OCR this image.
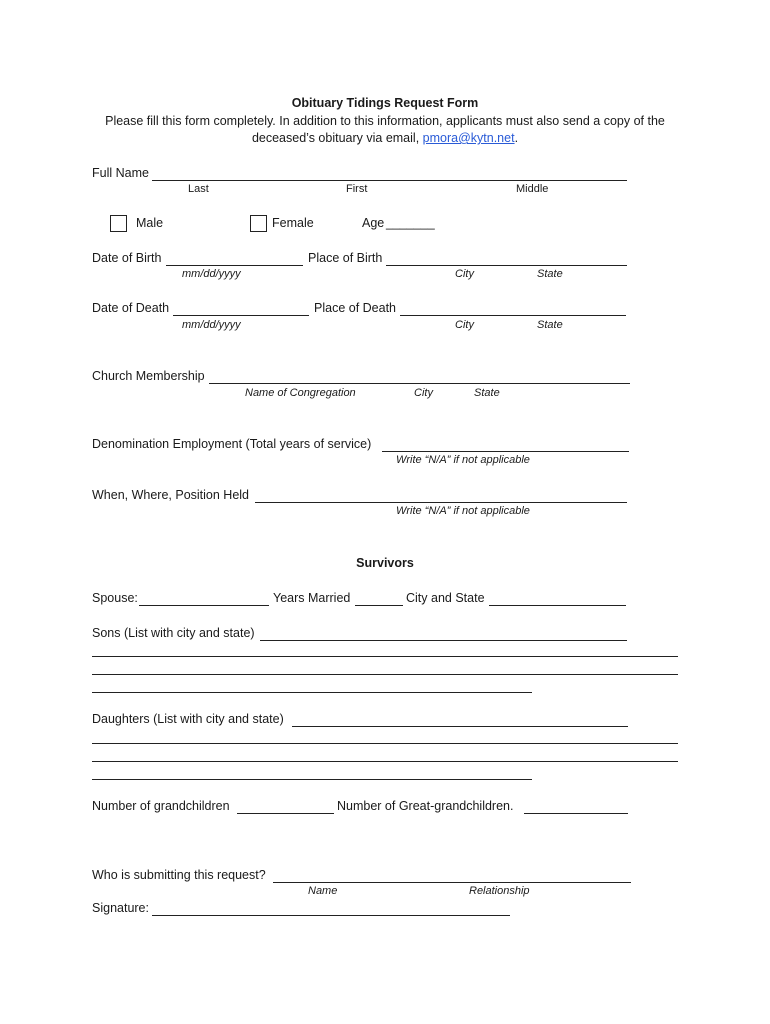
Obituary Tidings Request Form
Please fill this form completely. In addition to this information, applicants must also send a copy of the
deceased’s obituary via email, pmora@kytn.net.
Full Name
Last	First	Middle
Male	Female	Age _______
Date of Birth	Place of Birth
mm/dd/yyyy	City	State
Date of Death	Place of Death
mm/dd/yyyy	City	State
Church Membership
Name of Congregation	City	State
Denomination Employment (Total years of service)
Write “N/A” if not applicable
When, Where, Position Held
Write “N/A” if not applicable
Survivors
Spouse:	Years Married	City and State
Sons (List with city and state)
Daughters (List with city and state)
Number of grandchildren	Number of Great-grandchildren.
Who is submitting this request?
Name	Relationship
Signature:
